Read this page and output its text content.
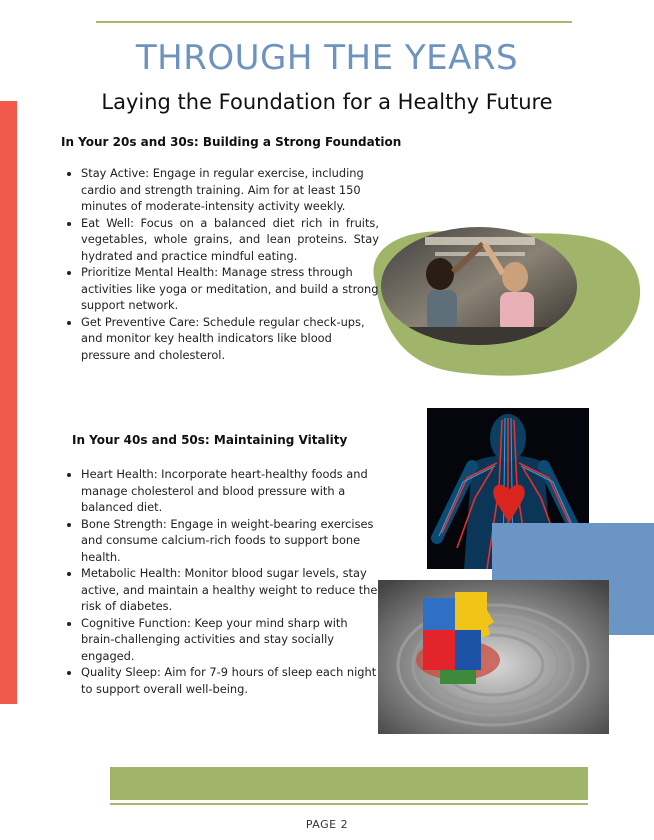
THROUGH THE YEARS
Laying the Foundation for a Healthy Future
In Your 20s and 30s: Building a Strong Foundation
• Stay Active: Engage in regular exercise, including cardio and strength training. Aim for at least 150 minutes of moderate-intensity activity weekly.
• Eat Well: Focus on a balanced diet rich in fruits, vegetables, whole grains, and lean proteins. Stay hydrated and practice mindful eating.
• Prioritize Mental Health: Manage stress through activities like yoga or meditation, and build a strong support network.
• Get Preventive Care: Schedule regular check-ups, and monitor key health indicators like blood pressure and cholesterol.
In Your 40s and 50s: Maintaining Vitality
• Heart Health: Incorporate heart-healthy foods and manage cholesterol and blood pressure with a balanced diet.
• Bone Strength: Engage in weight-bearing exercises and consume calcium-rich foods to support bone health.
• Metabolic Health: Monitor blood sugar levels, stay active, and maintain a healthy weight to reduce the risk of diabetes.
• Cognitive Function: Keep your mind sharp with brain-challenging activities and stay socially engaged.
• Quality Sleep: Aim for 7-9 hours of sleep each night to support overall well-being.
PAGE 2
